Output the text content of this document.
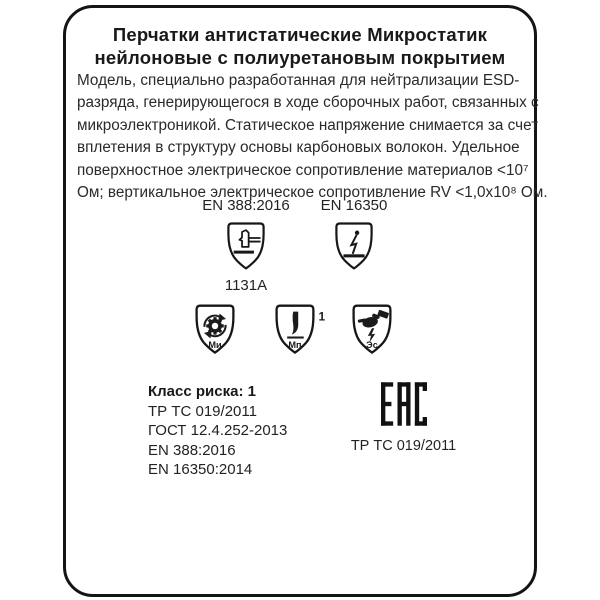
Перчатки антистатические Микростатик
нейлоновые с полиуретановым покрытием
Модель, специально разработанная для нейтрализации ESD-
разряда, генерирующегося в ходе сборочных работ, связанных с
микроэлектроникой. Статическое напряжение снимается за счет
вплетения в структуру основы карбоновых волокон. Удельное
поверхностное электрическое сопротивление материалов <10⁷
Ом; вертикальное электрическое сопротивление RV <1,0x10⁸ Ом.
EN 388:2016
1131A
EN 16350
Ми
1
Мп	Эс
Класс риска: 1
ТР ТС 019/2011
ГОСТ 12.4.252-2013
EN 388:2016
EN 16350:2014
ТР ТС 019/2011
